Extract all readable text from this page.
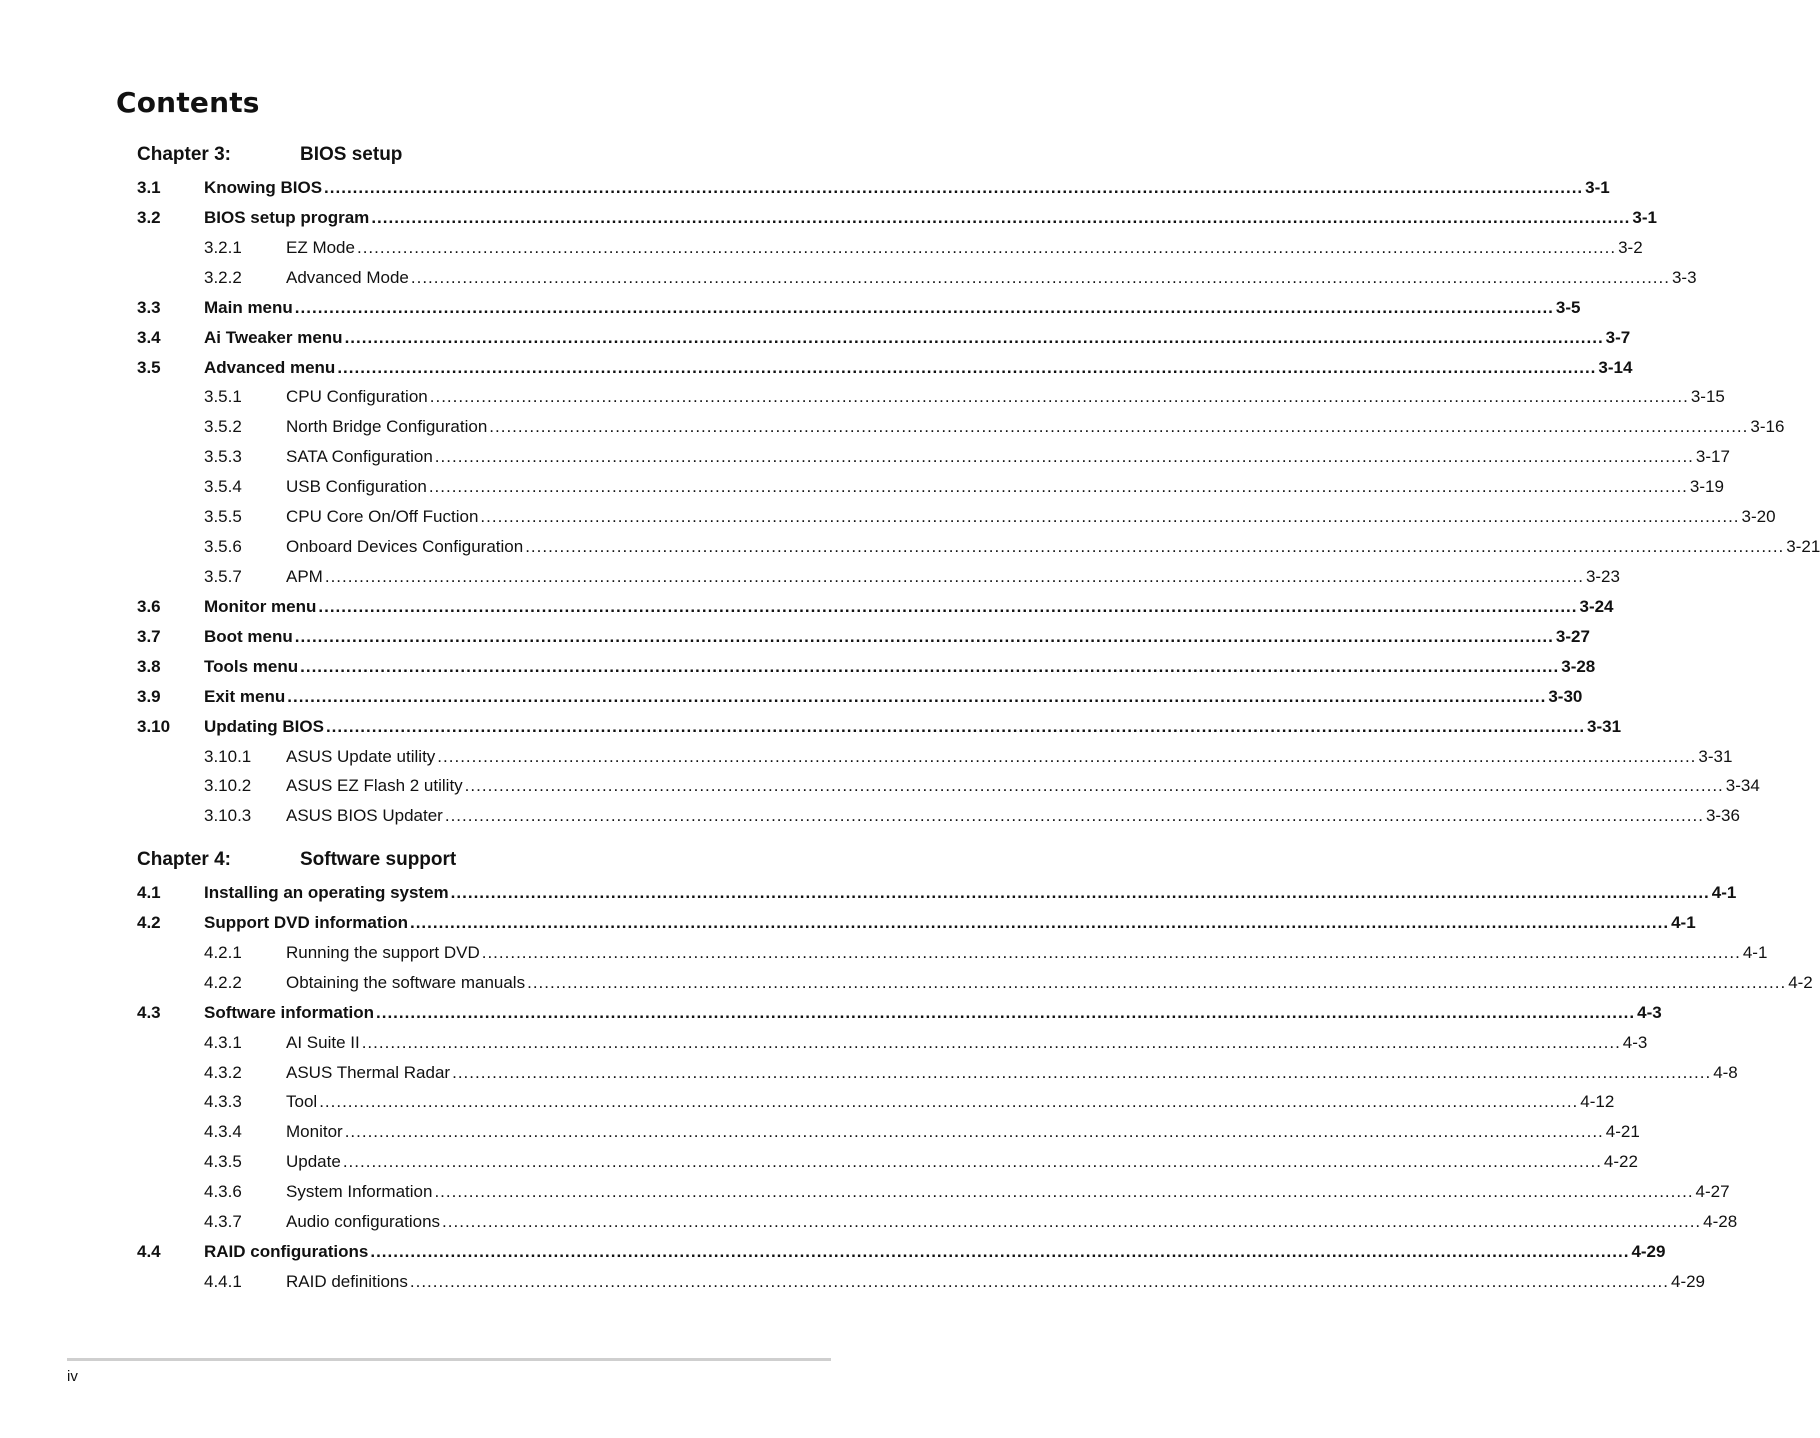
Contents
Chapter 3:	BIOS setup
3.1	Knowing BIOS ............................................................................................................................................................................................................................ 3-1
3.2	BIOS setup program ............................................................................................................................................................................................................................ 3-1
3.2.1	EZ Mode ............................................................................................................................................................................................................................ 3-2
3.2.2	Advanced Mode ............................................................................................................................................................................................................................ 3-3
3.3	Main menu ............................................................................................................................................................................................................................ 3-5
3.4	Ai Tweaker menu ............................................................................................................................................................................................................................ 3-7
3.5	Advanced menu ............................................................................................................................................................................................................................ 3-14
3.5.1	CPU Configuration ............................................................................................................................................................................................................................ 3-15
3.5.2	North Bridge Configuration ............................................................................................................................................................................................................................ 3-16
3.5.3	SATA Configuration ............................................................................................................................................................................................................................ 3-17
3.5.4	USB Configuration ............................................................................................................................................................................................................................ 3-19
3.5.5	CPU Core On/Off Fuction ............................................................................................................................................................................................................................ 3-20
3.5.6	Onboard Devices Configuration ............................................................................................................................................................................................................................ 3-21
3.5.7	APM ............................................................................................................................................................................................................................ 3-23
3.6	Monitor menu ............................................................................................................................................................................................................................ 3-24
3.7	Boot menu ............................................................................................................................................................................................................................ 3-27
3.8	Tools menu ............................................................................................................................................................................................................................ 3-28
3.9	Exit menu ............................................................................................................................................................................................................................ 3-30
3.10	Updating BIOS ............................................................................................................................................................................................................................ 3-31
3.10.1	ASUS Update utility ............................................................................................................................................................................................................................ 3-31
3.10.2	ASUS EZ Flash 2 utility ............................................................................................................................................................................................................................ 3-34
3.10.3	ASUS BIOS Updater ............................................................................................................................................................................................................................ 3-36
Chapter 4:	Software support
4.1	Installing an operating system ............................................................................................................................................................................................................................ 4-1
4.2	Support DVD information ............................................................................................................................................................................................................................ 4-1
4.2.1	Running the support DVD ............................................................................................................................................................................................................................ 4-1
4.2.2	Obtaining the software manuals ............................................................................................................................................................................................................................ 4-2
4.3	Software information ............................................................................................................................................................................................................................ 4-3
4.3.1	AI Suite II ............................................................................................................................................................................................................................ 4-3
4.3.2	ASUS Thermal Radar ............................................................................................................................................................................................................................ 4-8
4.3.3	Tool ............................................................................................................................................................................................................................ 4-12
4.3.4	Monitor ............................................................................................................................................................................................................................ 4-21
4.3.5	Update ............................................................................................................................................................................................................................ 4-22
4.3.6	System Information ............................................................................................................................................................................................................................ 4-27
4.3.7	Audio configurations ............................................................................................................................................................................................................................ 4-28
4.4	RAID configurations ............................................................................................................................................................................................................................ 4-29
4.4.1	RAID definitions ............................................................................................................................................................................................................................ 4-29
iv
